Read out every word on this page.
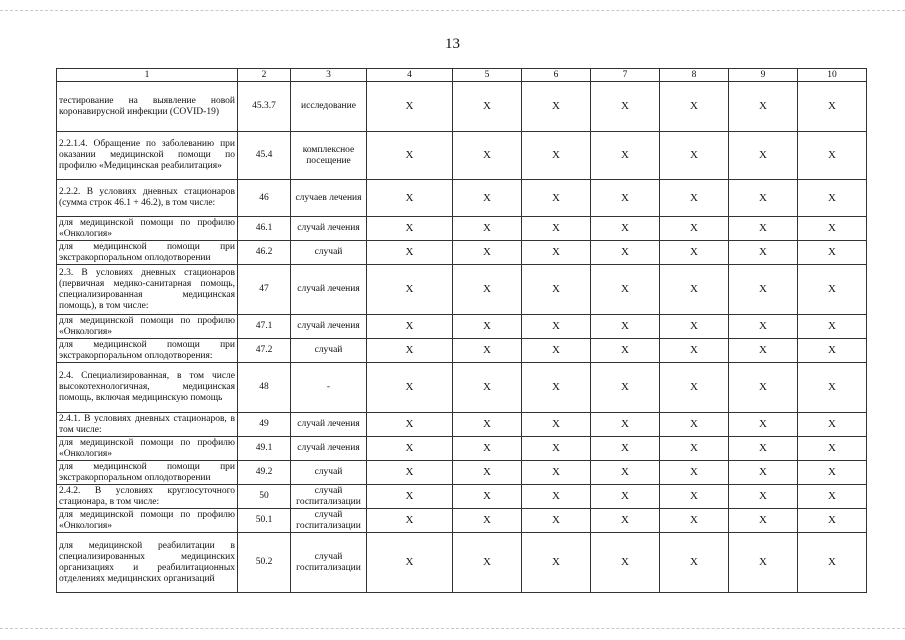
13
1	2	3	4	5	6	7	8	9	10
тестирование на выявление новой коронавирусной инфекции (COVID-19)	45.3.7	исследование	Х	Х	Х	Х	Х	Х	Х
2.2.1.4. Обращение по заболеванию при оказании медицинской помощи по профилю «Медицинская реабилитация»	45.4	комплексное посещение	Х	Х	Х	Х	Х	Х	Х
2.2.2. В условиях дневных стационаров (сумма строк 46.1 + 46.2), в том числе:	46	случаев лечения	Х	Х	Х	Х	Х	Х	Х
для медицинской помощи по профилю «Онкология»	46.1	случай лечения	Х	Х	Х	Х	Х	Х	Х
для медицинской помощи при экстракорпоральном оплодотворении	46.2	случай	Х	Х	Х	Х	Х	Х	Х
2.3. В условиях дневных стационаров (первичная медико-санитарная помощь, специализированная медицинская помощь), в том числе:	47	случай лечения	Х	Х	Х	Х	Х	Х	Х
для медицинской помощи по профилю «Онкология»	47.1	случай лечения	Х	Х	Х	Х	Х	Х	Х
для медицинской помощи при экстракорпоральном оплодотворения:	47.2	случай	Х	Х	Х	Х	Х	Х	Х
2.4. Специализированная, в том числе высокотехнологичная, медицинская помощь, включая медицинскую помощь	48	-	Х	Х	Х	Х	Х	Х	Х
2.4.1. В условиях дневных стационаров, в том числе:	49	случай лечения	Х	Х	Х	Х	Х	Х	Х
для медицинской помощи по профилю «Онкология»	49.1	случай лечения	Х	Х	Х	Х	Х	Х	Х
для медицинской помощи при экстракорпоральном оплодотворении	49.2	случай	Х	Х	Х	Х	Х	Х	Х
2.4.2. В условиях круглосуточного стационара, в том числе:	50	случай госпитализации	Х	Х	Х	Х	Х	Х	Х
для медицинской помощи по профилю «Онкология»	50.1	случай госпитализации	Х	Х	Х	Х	Х	Х	Х
для медицинской реабилитации в специализированных медицинских организациях и реабилитационных отделениях медицинских организаций	50.2	случай госпитализации	Х	Х	Х	Х	Х	Х	Х
